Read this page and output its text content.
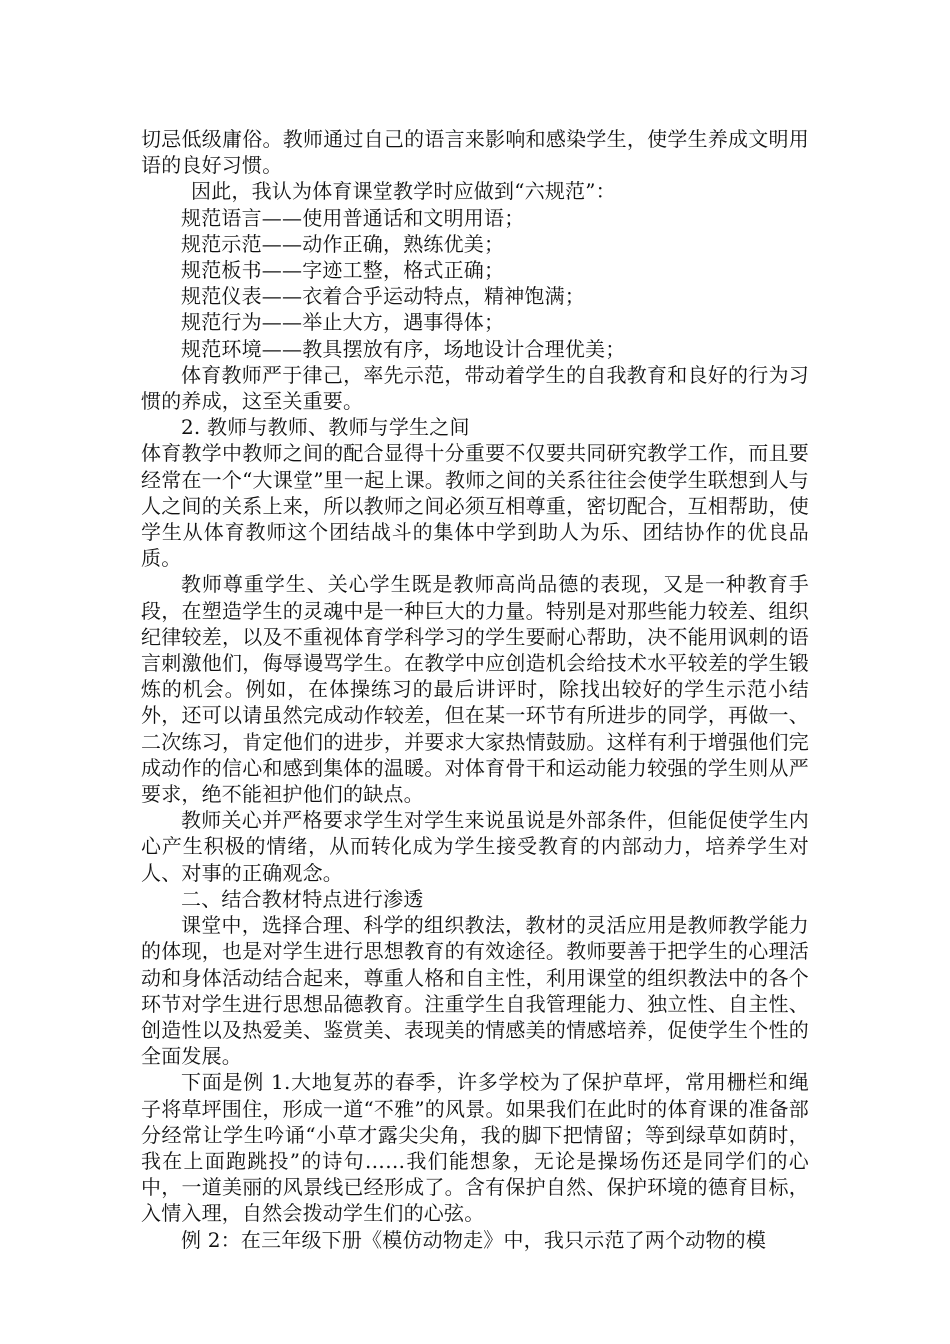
切忌低级庸俗。教师通过自己的语言来影响和感染学生，使学生养成文明用语的良好习惯。

因此，我认为体育课堂教学时应做到“六规范”：

规范语言——使用普通话和文明用语；

规范示范——动作正确，熟练优美；

规范板书——字迹工整，格式正确；

规范仪表——衣着合乎运动特点，精神饱满；

规范行为——举止大方，遇事得体；

规范环境——教具摆放有序，场地设计合理优美；

体育教师严于律己，率先示范，带动着学生的自我教育和良好的行为习惯的养成，这至关重要。

2. 教师与教师、教师与学生之间

体育教学中教师之间的配合显得十分重要不仅要共同研究教学工作，而且要经常在一个“大课堂”里一起上课。教师之间的关系往往会使学生联想到人与人之间的关系上来，所以教师之间必须互相尊重，密切配合，互相帮助，使学生从体育教师这个团结战斗的集体中学到助人为乐、团结协作的优良品质。

教师尊重学生、关心学生既是教师高尚品德的表现，又是一种教育手段，在塑造学生的灵魂中是一种巨大的力量。特别是对那些能力较差、组织纪律较差，以及不重视体育学科学习的学生要耐心帮助，决不能用讽刺的语言刺激他们，侮辱谩骂学生。在教学中应创造机会给技术水平较差的学生锻炼的机会。例如，在体操练习的最后讲评时，除找出较好的学生示范小结外，还可以请虽然完成动作较差，但在某一环节有所进步的同学，再做一、二次练习，肯定他们的进步，并要求大家热情鼓励。这样有利于增强他们完成动作的信心和感到集体的温暖。对体育骨干和运动能力较强的学生则从严要求，绝不能袒护他们的缺点。

教师关心并严格要求学生对学生来说虽说是外部条件，但能促使学生内心产生积极的情绪，从而转化成为学生接受教育的内部动力，培养学生对人、对事的正确观念。

二、结合教材特点进行渗透

课堂中，选择合理、科学的组织教法，教材的灵活应用是教师教学能力的体现，也是对学生进行思想教育的有效途径。教师要善于把学生的心理活动和身体活动结合起来，尊重人格和自主性，利用课堂的组织教法中的各个环节对学生进行思想品德教育。注重学生自我管理能力、独立性、自主性、创造性以及热爱美、鉴赏美、表现美的情感美的情感培养，促使学生个性的全面发展。

下面是例 1.大地复苏的春季，许多学校为了保护草坪，常用栅栏和绳子将草坪围住，形成一道“不雅”的风景。如果我们在此时的体育课的准备部分经常让学生吟诵“小草才露尖尖角，我的脚下把情留；等到绿草如荫时，我在上面跑跳投”的诗句……我们能想象，无论是操场伤还是同学们的心中，一道美丽的风景线已经形成了。含有保护自然、保护环境的德育目标，入情入理，自然会拨动学生们的心弦。

例 2：在三年级下册《模仿动物走》中，我只示范了两个动物的模
